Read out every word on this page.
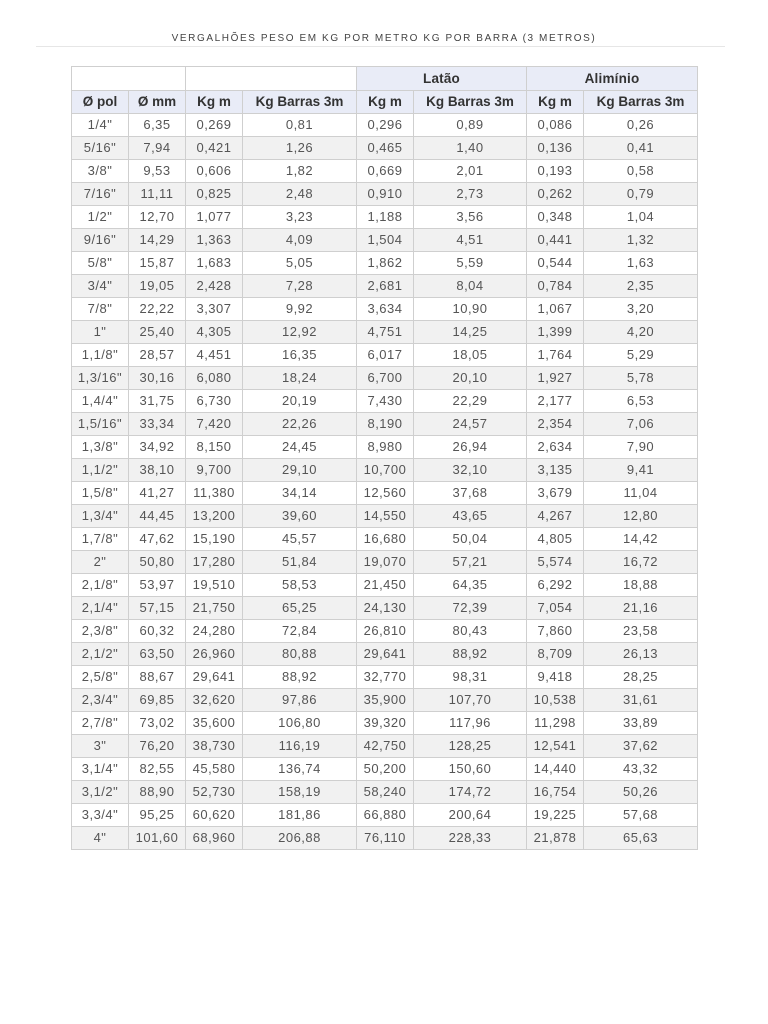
VERGALHÕES PESO EM KG POR METRO KG POR BARRA (3 METROS)
				Latão		Alimínio	
Ø pol	Ø mm	Kg m	Kg Barras 3m	Kg m	Kg Barras 3m	Kg m	Kg Barras 3m
1/4"	6,35	0,269	0,81	0,296	0,89	0,086	0,26
5/16"	7,94	0,421	1,26	0,465	1,40	0,136	0,41
3/8"	9,53	0,606	1,82	0,669	2,01	0,193	0,58
7/16"	11,11	0,825	2,48	0,910	2,73	0,262	0,79
1/2"	12,70	1,077	3,23	1,188	3,56	0,348	1,04
9/16"	14,29	1,363	4,09	1,504	4,51	0,441	1,32
5/8"	15,87	1,683	5,05	1,862	5,59	0,544	1,63
3/4"	19,05	2,428	7,28	2,681	8,04	0,784	2,35
7/8"	22,22	3,307	9,92	3,634	10,90	1,067	3,20
1"	25,40	4,305	12,92	4,751	14,25	1,399	4,20
1,1/8"	28,57	4,451	16,35	6,017	18,05	1,764	5,29
1,3/16"	30,16	6,080	18,24	6,700	20,10	1,927	5,78
1,4/4"	31,75	6,730	20,19	7,430	22,29	2,177	6,53
1,5/16"	33,34	7,420	22,26	8,190	24,57	2,354	7,06
1,3/8"	34,92	8,150	24,45	8,980	26,94	2,634	7,90
1,1/2"	38,10	9,700	29,10	10,700	32,10	3,135	9,41
1,5/8"	41,27	11,380	34,14	12,560	37,68	3,679	11,04
1,3/4"	44,45	13,200	39,60	14,550	43,65	4,267	12,80
1,7/8"	47,62	15,190	45,57	16,680	50,04	4,805	14,42
2"	50,80	17,280	51,84	19,070	57,21	5,574	16,72
2,1/8"	53,97	19,510	58,53	21,450	64,35	6,292	18,88
2,1/4"	57,15	21,750	65,25	24,130	72,39	7,054	21,16
2,3/8"	60,32	24,280	72,84	26,810	80,43	7,860	23,58
2,1/2"	63,50	26,960	80,88	29,641	88,92	8,709	26,13
2,5/8"	88,67	29,641	88,92	32,770	98,31	9,418	28,25
2,3/4"	69,85	32,620	97,86	35,900	107,70	10,538	31,61
2,7/8"	73,02	35,600	106,80	39,320	117,96	11,298	33,89
3"	76,20	38,730	116,19	42,750	128,25	12,541	37,62
3,1/4"	82,55	45,580	136,74	50,200	150,60	14,440	43,32
3,1/2"	88,90	52,730	158,19	58,240	174,72	16,754	50,26
3,3/4"	95,25	60,620	181,86	66,880	200,64	19,225	57,68
4"	101,60	68,960	206,88	76,110	228,33	21,878	65,63
